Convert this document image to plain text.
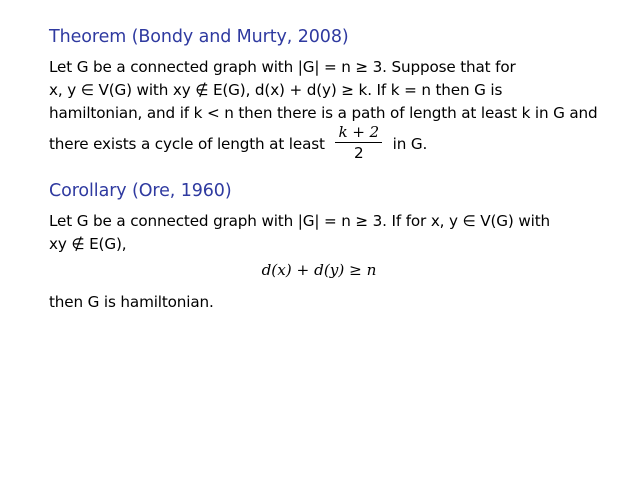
Theorem (Bondy and Murty, 2008)
Let G be a connected graph with |G| = n ≥ 3. Suppose that for
x, y ∈ V(G) with xy ∉ E(G), d(x) + d(y) ≥ k. If k = n then G is
hamiltonian, and if k < n then there is a path of length at least k in G and
there exists a cycle of length at least $\frac{k + 2}{2}$ in G.
Corollary (Ore, 1960)
Let G be a connected graph with |G| = n ≥ 3. If for x, y ∈ V(G) with
xy ∉ E(G),
d(x) + d(y) ≥ n
then G is hamiltonian.
